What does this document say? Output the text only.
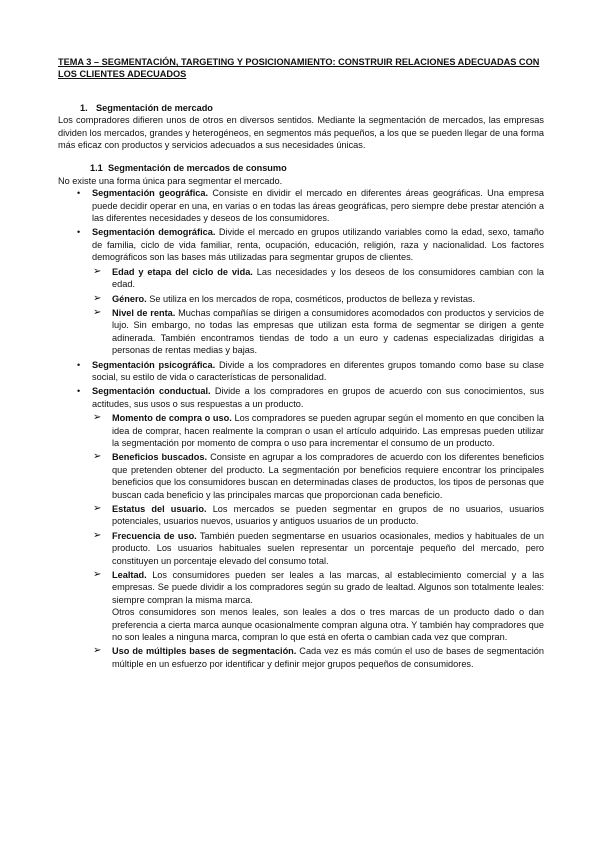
TEMA 3 – SEGMENTACIÓN, TARGETING Y POSICIONAMIENTO: CONSTRUIR RELACIONES ADECUADAS CON LOS CLIENTES ADECUADOS

1. Segmentación de mercado

Los compradores difieren unos de otros en diversos sentidos. Mediante la segmentación de mercados, las empresas dividen los mercados, grandes y heterogéneos, en segmentos más pequeños, a los que se pueden llegar de una forma más eficaz con productos y servicios adecuados a sus necesidades únicas.

1.1 Segmentación de mercados de consumo

No existe una forma única para segmentar el mercado.

• Segmentación geográfica. Consiste en dividir el mercado en diferentes áreas geográficas. Una empresa puede decidir operar en una, en varias o en todas las áreas geográficas, pero siempre debe prestar atención a las diferentes necesidades y deseos de los consumidores.
• Segmentación demográfica. Divide el mercado en grupos utilizando variables como la edad, sexo, tamaño de familia, ciclo de vida familiar, renta, ocupación, educación, religión, raza y nacionalidad. Los factores demográficos son las bases más utilizadas para segmentar grupos de clientes.
➢ Edad y etapa del ciclo de vida. Las necesidades y los deseos de los consumidores cambian con la edad.
➢ Género. Se utiliza en los mercados de ropa, cosméticos, productos de belleza y revistas.
➢ Nivel de renta. Muchas compañías se dirigen a consumidores acomodados con productos y servicios de lujo. Sin embargo, no todas las empresas que utilizan esta forma de segmentar se dirigen a gente adinerada. También encontramos tiendas de todo a un euro y cadenas especializadas dirigidas a personas de rentas medias y bajas.
• Segmentación psicográfica. Divide a los compradores en diferentes grupos tomando como base su clase social, su estilo de vida o características de personalidad.
• Segmentación conductual. Divide a los compradores en grupos de acuerdo con sus conocimientos, sus actitudes, sus usos o sus respuestas a un producto.
➢ Momento de compra o uso. Los compradores se pueden agrupar según el momento en que conciben la idea de comprar, hacen realmente la compran o usan el artículo adquirido. Las empresas pueden utilizar la segmentación por momento de compra o uso para incrementar el consumo de un producto.
➢ Beneficios buscados. Consiste en agrupar a los compradores de acuerdo con los diferentes beneficios que pretenden obtener del producto. La segmentación por beneficios requiere encontrar los principales beneficios que los consumidores buscan en determinadas clases de productos, los tipos de personas que buscan cada beneficio y las principales marcas que proporcionan cada beneficio.
➢ Estatus del usuario. Los mercados se pueden segmentar en grupos de no usuarios, usuarios potenciales, usuarios nuevos, usuarios y antiguos usuarios de un producto.
➢ Frecuencia de uso. También pueden segmentarse en usuarios ocasionales, medios y habituales de un producto. Los usuarios habituales suelen representar un porcentaje pequeño del mercado, pero constituyen un porcentaje elevado del consumo total.
➢ Lealtad. Los consumidores pueden ser leales a las marcas, al establecimiento comercial y a las empresas. Se puede dividir a los compradores según su grado de lealtad. Algunos son totalmente leales: siempre compran la misma marca.

Otros consumidores son menos leales, son leales a dos o tres marcas de un producto dado o dan preferencia a cierta marca aunque ocasionalmente compran alguna otra. Y también hay compradores que no son leales a ninguna marca, compran lo que está en oferta o cambian cada vez que compran.

➢ Uso de múltiples bases de segmentación. Cada vez es más común el uso de bases de segmentación múltiple en un esfuerzo por identificar y definir mejor grupos pequeños de consumidores.
